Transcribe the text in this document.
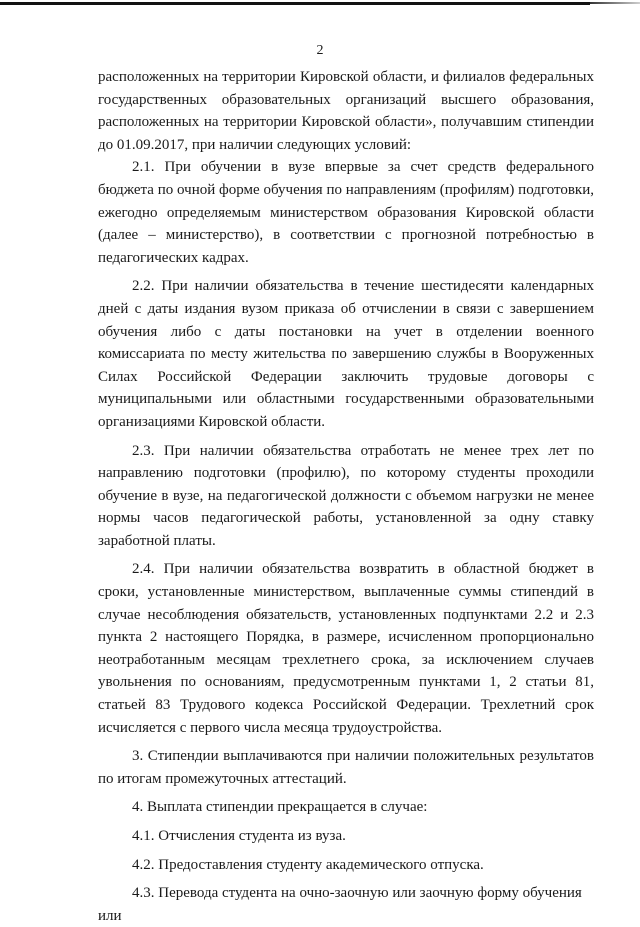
2

расположенных на территории Кировской области, и филиалов федеральных государственных образовательных организаций высшего образования, расположенных на территории Кировской области», получавшим стипендии до 01.09.2017, при наличии следующих условий:

2.1. При обучении в вузе впервые за счет средств федерального бюджета по очной форме обучения по направлениям (профилям) подготовки, ежегодно определяемым министерством образования Кировской области (далее – министерство), в соответствии с прогнозной потребностью в педагогических кадрах.

2.2. При наличии обязательства в течение шестидесяти календарных дней с даты издания вузом приказа об отчислении в связи с завершением обучения либо с даты постановки на учет в отделении военного комиссариата по месту жительства по завершению службы в Вооруженных Силах Российской Федерации заключить трудовые договоры с муниципальными или областными государственными образовательными организациями Кировской области.

2.3. При наличии обязательства отработать не менее трех лет по направлению подготовки (профилю), по которому студенты проходили обучение в вузе, на педагогической должности с объемом нагрузки не менее нормы часов педагогической работы, установленной за одну ставку заработной платы.

2.4. При наличии обязательства возвратить в областной бюджет в сроки, установленные министерством, выплаченные суммы стипендий в случае несоблюдения обязательств, установленных подпунктами 2.2 и 2.3 пункта 2 настоящего Порядка, в размере, исчисленном пропорционально неотработанным месяцам трехлетнего срока, за исключением случаев увольнения по основаниям, предусмотренным пунктами 1, 2 статьи 81, статьей 83 Трудового кодекса Российской Федерации. Трехлетний срок исчисляется с первого числа месяца трудоустройства.

3. Стипендии выплачиваются при наличии положительных результатов по итогам промежуточных аттестаций.

4. Выплата стипендии прекращается в случае:

4.1. Отчисления студента из вуза.

4.2. Предоставления студенту академического отпуска.

4.3. Перевода студента на очно-заочную или заочную форму обучения или
